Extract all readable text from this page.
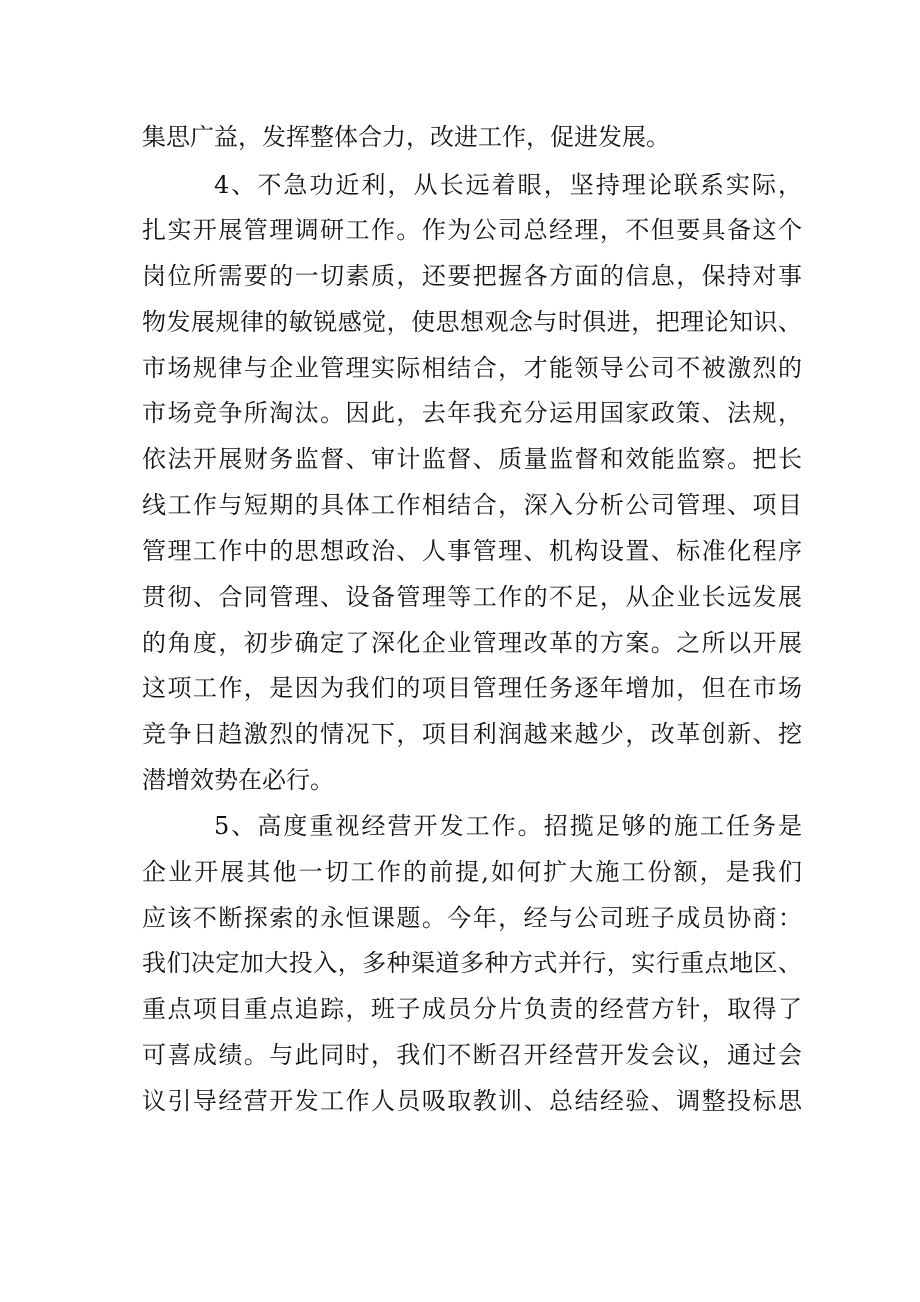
集思广益，发挥整体合力，改进工作，促进发展。
4、不急功近利，从长远着眼，坚持理论联系实际，
扎实开展管理调研工作。作为公司总经理，不但要具备这个
岗位所需要的一切素质，还要把握各方面的信息，保持对事
物发展规律的敏锐感觉，使思想观念与时俱进，把理论知识、
市场规律与企业管理实际相结合，才能领导公司不被激烈的
市场竞争所淘汰。因此，去年我充分运用国家政策、法规，
依法开展财务监督、审计监督、质量监督和效能监察。把长
线工作与短期的具体工作相结合，深入分析公司管理、项目
管理工作中的思想政治、人事管理、机构设置、标准化程序
贯彻、合同管理、设备管理等工作的不足，从企业长远发展
的角度，初步确定了深化企业管理改革的方案。之所以开展
这项工作，是因为我们的项目管理任务逐年增加，但在市场
竞争日趋激烈的情况下，项目利润越来越少，改革创新、挖
潜增效势在必行。
5、高度重视经营开发工作。招揽足够的施工任务是
企业开展其他一切工作的前提,如何扩大施工份额，是我们
应该不断探索的永恒课题。今年，经与公司班子成员协商：
我们决定加大投入，多种渠道多种方式并行，实行重点地区、
重点项目重点追踪，班子成员分片负责的经营方针，取得了
可喜成绩。与此同时，我们不断召开经营开发会议，通过会
议引导经营开发工作人员吸取教训、总结经验、调整投标思
